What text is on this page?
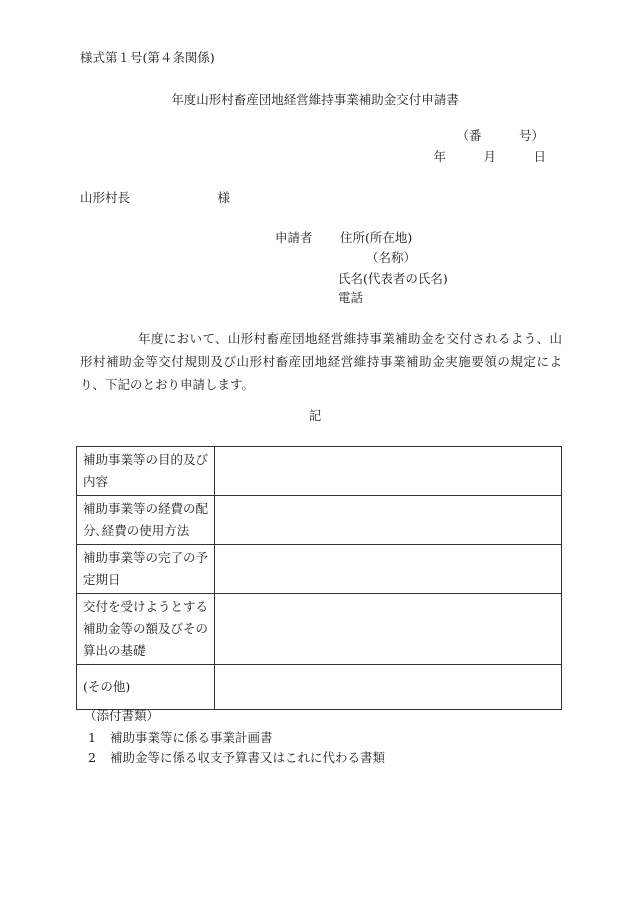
様式第１号(第４条関係)
年度山形村畜産団地経営維持事業補助金交付申請書
（番　　　号）
年　　　月　　　日
山形村長　　　　　　　様
申請者 住所(所在地)
（名称）
氏名(代表者の氏名)
電話
年度において、山形村畜産団地経営維持事業補助金を交付されるよう、山形村補助金等交付規則及び山形村畜産団地経営維持事業補助金実施要領の規定により、下記のとおり申請します。
記
補助事業等の目的及び内容	
補助事業等の経費の配分､経費の使用方法	
補助事業等の完了の予定期日	
交付を受けようとする補助金等の額及びその算出の基礎	
(その他)	
（添付書類）
1 補助事業等に係る事業計画書
2 補助金等に係る収支予算書又はこれに代わる書類
